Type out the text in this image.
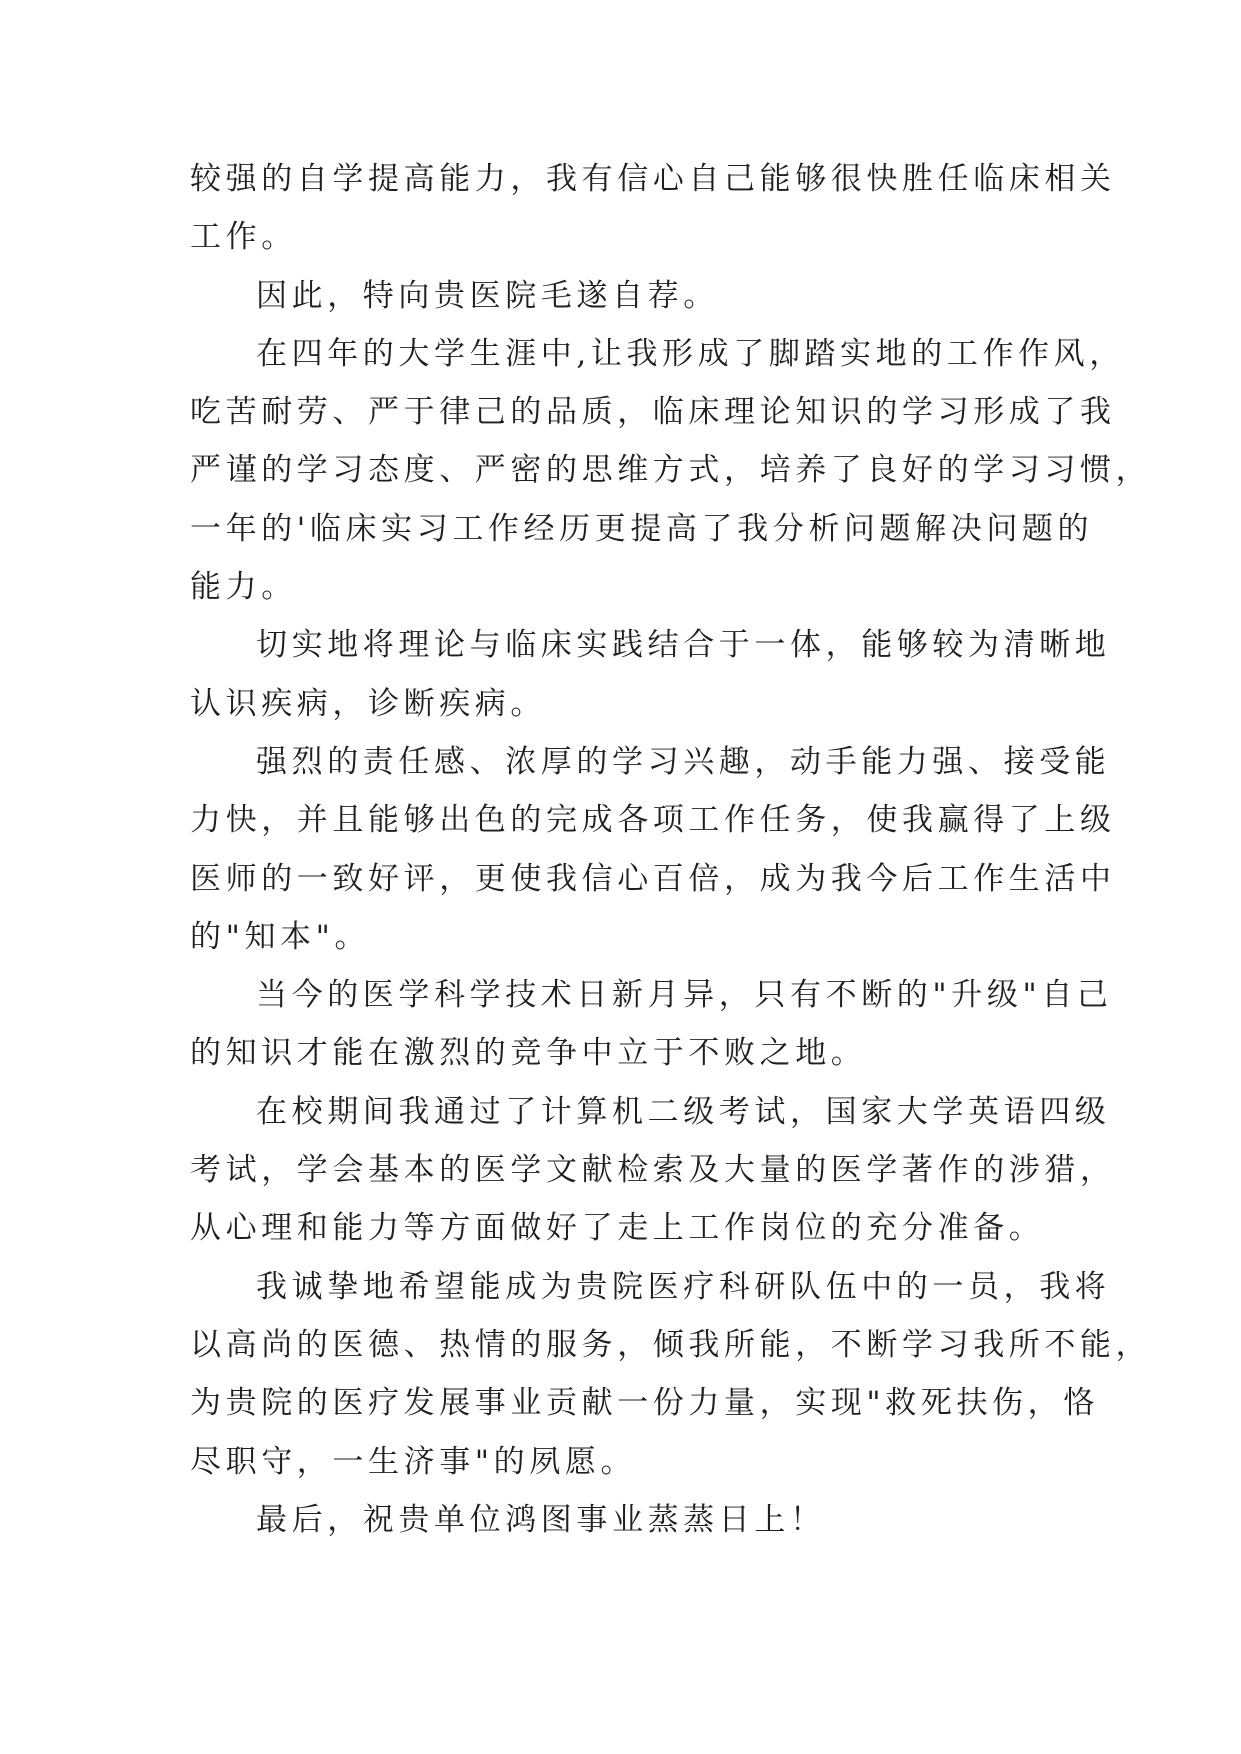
较强的自学提高能力，我有信心自己能够很快胜任临床相关
工作。
因此，特向贵医院毛遂自荐。
在四年的大学生涯中,让我形成了脚踏实地的工作作风，
吃苦耐劳、严于律己的品质，临床理论知识的学习形成了我
严谨的学习态度、严密的思维方式，培养了良好的学习习惯，
一年的'临床实习工作经历更提高了我分析问题解决问题的
能力。
切实地将理论与临床实践结合于一体，能够较为清晰地
认识疾病，诊断疾病。
强烈的责任感、浓厚的学习兴趣，动手能力强、接受能
力快，并且能够出色的完成各项工作任务，使我赢得了上级
医师的一致好评，更使我信心百倍，成为我今后工作生活中
的"知本"。
当今的医学科学技术日新月异，只有不断的"升级"自己
的知识才能在激烈的竞争中立于不败之地。
在校期间我通过了计算机二级考试，国家大学英语四级
考试，学会基本的医学文献检索及大量的医学著作的涉猎，
从心理和能力等方面做好了走上工作岗位的充分准备。
我诚挚地希望能成为贵院医疗科研队伍中的一员，我将
以高尚的医德、热情的服务，倾我所能，不断学习我所不能，
为贵院的医疗发展事业贡献一份力量，实现"救死扶伤，恪
尽职守，一生济事"的夙愿。
最后，祝贵单位鸿图事业蒸蒸日上！
